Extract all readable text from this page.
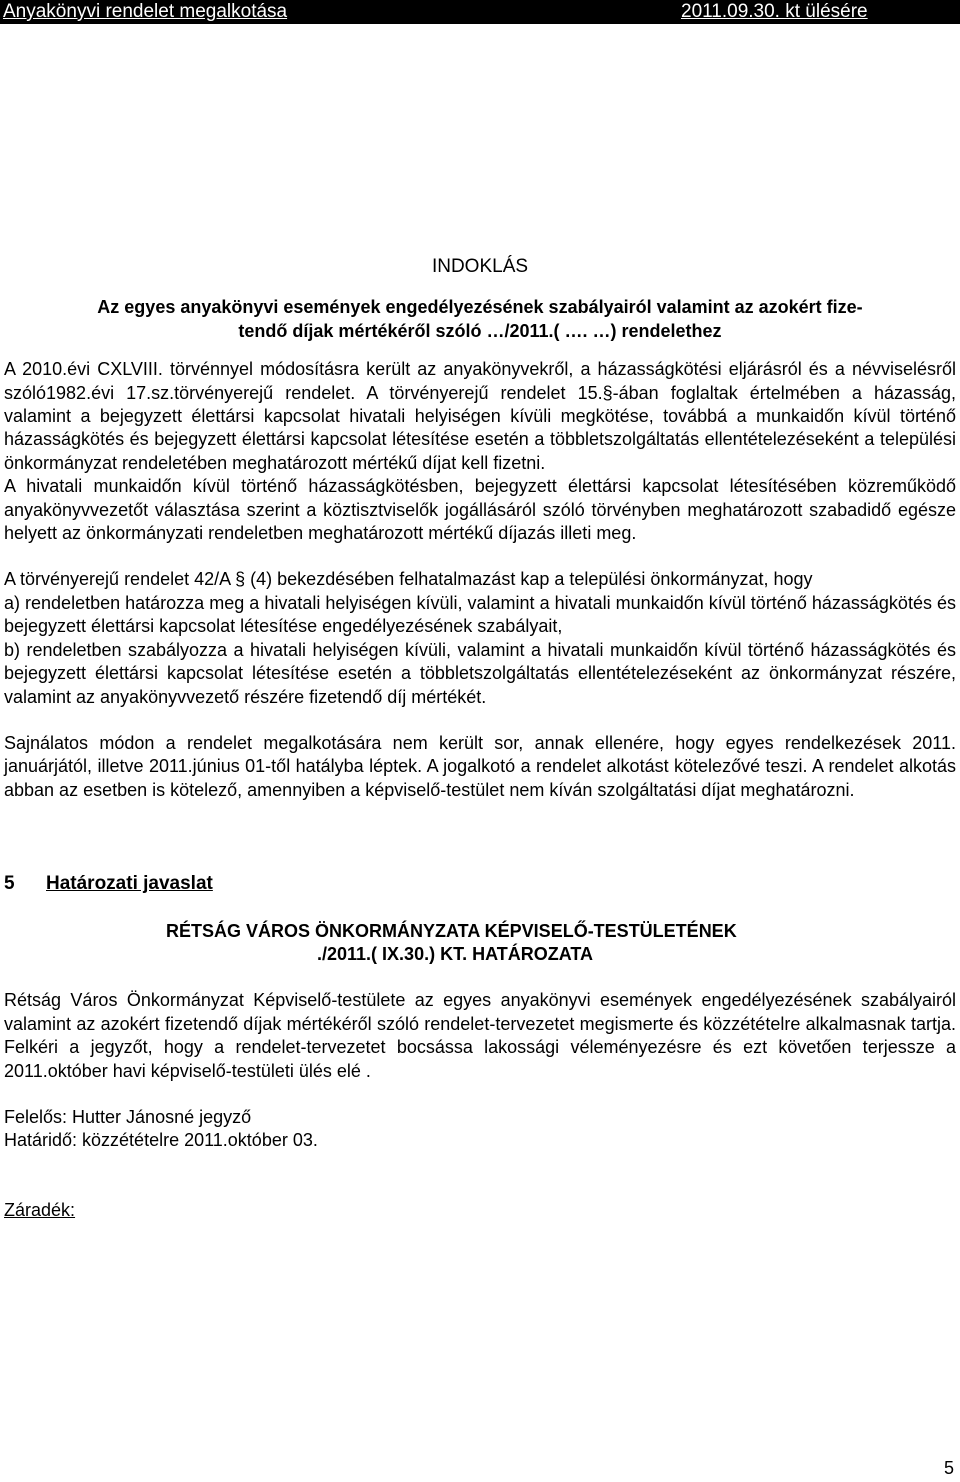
Anyakönyvi rendelet megalkotása	2011.09.30. kt ülésére

INDOKLÁS

Az egyes anyakönyvi események engedélyezésének szabályairól valamint az azokért fize-

tendő díjak mértékéről szóló …/2011.( …. …) rendelethez

A 2010.évi CXLVIII. törvénnyel módosításra került az anyakönyvekről, a házasságkötési eljárásról és a névviselésről szóló1982.évi 17.sz.törvényerejű rendelet. A törvényerejű rendelet 15.§-ában foglaltak értelmében a házasság, valamint a bejegyzett élettársi kapcsolat hivatali helyiségen kívüli megkötése, továbbá a munkaidőn kívül történő házasságkötés és bejegyzett élettársi kapcsolat létesítése esetén a többletszolgáltatás ellentételezéseként a települési önkormányzat rendeletében meghatározott mértékű díjat kell fizetni.

A hivatali munkaidőn kívül történő házasságkötésben, bejegyzett élettársi kapcsolat létesítésében közreműködő anyakönyvvezetőt választása szerint a köztisztviselők jogállásáról szóló törvényben meghatározott szabadidő egésze helyett az önkormányzati rendeletben meghatározott mértékű díjazás illeti meg.

A törvényerejű rendelet 42/A § (4) bekezdésében felhatalmazást kap a települési önkormányzat, hogy

a) rendeletben határozza meg a hivatali helyiségen kívüli, valamint a hivatali munkaidőn kívül történő házasságkötés és bejegyzett élettársi kapcsolat létesítése engedélyezésének szabályait,

b) rendeletben szabályozza a hivatali helyiségen kívüli, valamint a hivatali munkaidőn kívül történő házasságkötés és bejegyzett élettársi kapcsolat létesítése esetén a többletszolgáltatás ellentételezéseként az önkormányzat részére, valamint az anyakönyvvezető részére fizetendő díj mértékét.

Sajnálatos módon a rendelet megalkotására nem került sor, annak ellenére, hogy egyes rendelkezések 2011. januárjától, illetve 2011.június 01-től hatályba léptek. A jogalkotó a rendelet alkotást kötelezővé teszi. A rendelet alkotás abban az esetben is kötelező, amennyiben a képviselő-testület nem kíván szolgáltatási díjat meghatározni.

5 Határozati javaslat

RÉTSÁG VÁROS ÖNKORMÁNYZATA KÉPVISELŐ-TESTÜLETÉNEK

./2011.( IX.30.) KT. HATÁROZATA

Rétság Város Önkormányzat Képviselő-testülete az egyes anyakönyvi események engedélyezésének szabályairól valamint az azokért fizetendő díjak mértékéről szóló rendelet-tervezetet megismerte és közzétételre alkalmasnak tartja. Felkéri a jegyzőt, hogy a rendelet-tervezetet bocsássa lakossági véleményezésre és ezt követően terjessze a 2011.október havi képviselő-testületi ülés elé .

Felelős: Hutter Jánosné jegyző

Határidő: közzétételre 2011.október 03.

Záradék:

5
